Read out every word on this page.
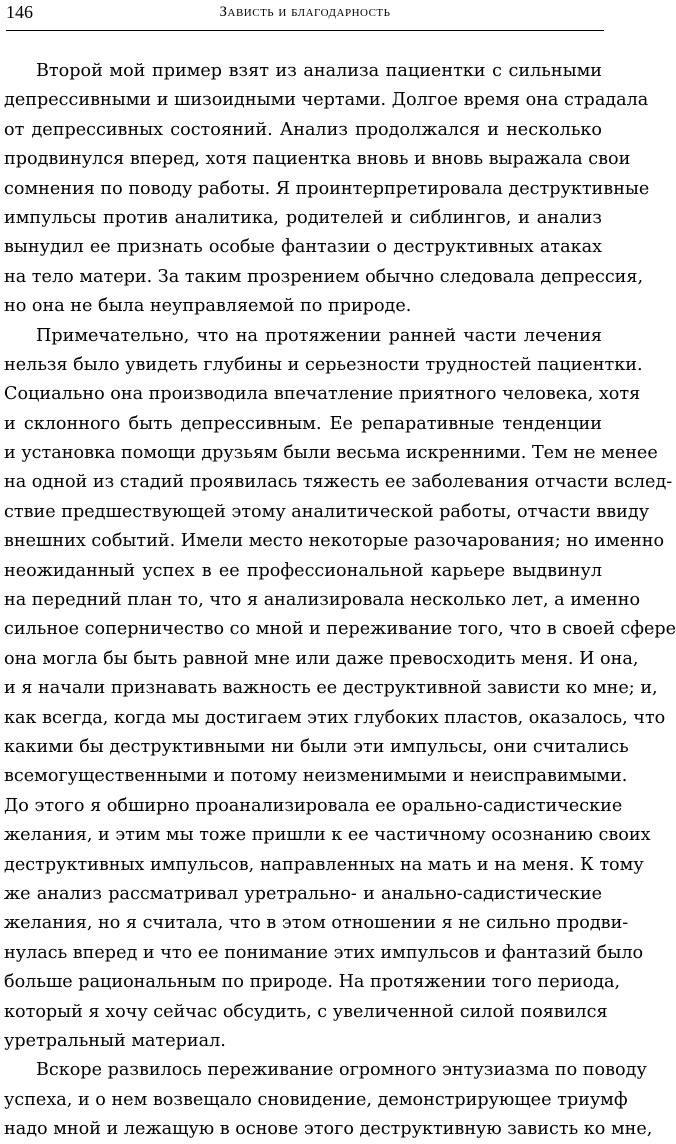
146	Зависть и благодарность
Второй мой пример взят из анализа пациентки с сильными
депрессивными и шизоидными чертами. Долгое время она страдала
от депрессивных состояний. Анализ продолжался и несколько
продвинулся вперед, хотя пациентка вновь и вновь выражала свои
сомнения по поводу работы. Я проинтерпретировала деструктивные
импульсы против аналитика, родителей и сиблингов, и анализ
вынудил ее признать особые фантазии о деструктивных атаках
на тело матери. За таким прозрением обычно следовала депрессия,
но она не была неуправляемой по природе.
Примечательно, что на протяжении ранней части лечения
нельзя было увидеть глубины и серьезности трудностей пациентки.
Социально она производила впечатление приятного человека, хотя
и склонного быть депрессивным. Ее репаративные тенденции
и установка помощи друзьям были весьма искренними. Тем не менее
на одной из стадий проявилась тяжесть ее заболевания отчасти вслед-
ствие предшествующей этому аналитической работы, отчасти ввиду
внешних событий. Имели место некоторые разочарования; но именно
неожиданный успех в ее профессиональной карьере выдвинул
на передний план то, что я анализировала несколько лет, а именно
сильное соперничество со мной и переживание того, что в своей сфере
она могла бы быть равной мне или даже превосходить меня. И она,
и я начали признавать важность ее деструктивной зависти ко мне; и,
как всегда, когда мы достигаем этих глубоких пластов, оказалось, что
какими бы деструктивными ни были эти импульсы, они считались
всемогущественными и потому неизменимыми и неисправимыми.
До этого я обширно проанализировала ее орально-садистические
желания, и этим мы тоже пришли к ее частичному осознанию своих
деструктивных импульсов, направленных на мать и на меня. К тому
же анализ рассматривал уретрально- и анально-садистические
желания, но я считала, что в этом отношении я не сильно продви-
нулась вперед и что ее понимание этих импульсов и фантазий было
больше рациональным по природе. На протяжении того периода,
который я хочу сейчас обсудить, с увеличенной силой появился
уретральный материал.
Вскоре развилось переживание огромного энтузиазма по поводу
успеха, и о нем возвещало сновидение, демонстрирующее триумф
надо мной и лежащую в основе этого деструктивную зависть ко мне,
